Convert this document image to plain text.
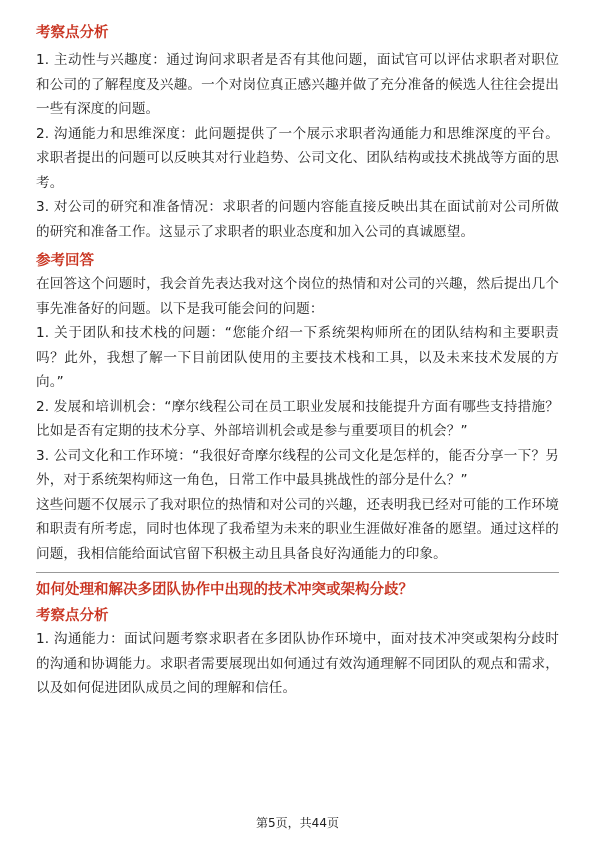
考察点分析

1. 主动性与兴趣度：通过询问求职者是否有其他问题，面试官可以评估求职者对职位和公司的了解程度及兴趣。一个对岗位真正感兴趣并做了充分准备的候选人往往会提出一些有深度的问题。

2. 沟通能力和思维深度：此问题提供了一个展示求职者沟通能力和思维深度的平台。求职者提出的问题可以反映其对行业趋势、公司文化、团队结构或技术挑战等方面的思考。

3. 对公司的研究和准备情况：求职者的问题内容能直接反映出其在面试前对公司所做的研究和准备工作。这显示了求职者的职业态度和加入公司的真诚愿望。

参考回答

在回答这个问题时，我会首先表达我对这个岗位的热情和对公司的兴趣，然后提出几个事先准备好的问题。以下是我可能会问的问题：

1. 关于团队和技术栈的问题：“您能介绍一下系统架构师所在的团队结构和主要职责吗？此外，我想了解一下目前团队使用的主要技术栈和工具，以及未来技术发展的方向。”

2. 发展和培训机会：“摩尔线程公司在员工职业发展和技能提升方面有哪些支持措施？比如是否有定期的技术分享、外部培训机会或是参与重要项目的机会？”

3. 公司文化和工作环境：“我很好奇摩尔线程的公司文化是怎样的，能否分享一下？另外，对于系统架构师这一角色，日常工作中最具挑战性的部分是什么？”

这些问题不仅展示了我对职位的热情和对公司的兴趣，还表明我已经对可能的工作环境和职责有所考虑，同时也体现了我希望为未来的职业生涯做好准备的愿望。通过这样的问题，我相信能给面试官留下积极主动且具备良好沟通能力的印象。

如何处理和解决多团队协作中出现的技术冲突或架构分歧？

考察点分析

1. 沟通能力：面试问题考察求职者在多团队协作环境中，面对技术冲突或架构分歧时的沟通和协调能力。求职者需要展现出如何通过有效沟通理解不同团队的观点和需求，以及如何促进团队成员之间的理解和信任。

第5页，共44页
